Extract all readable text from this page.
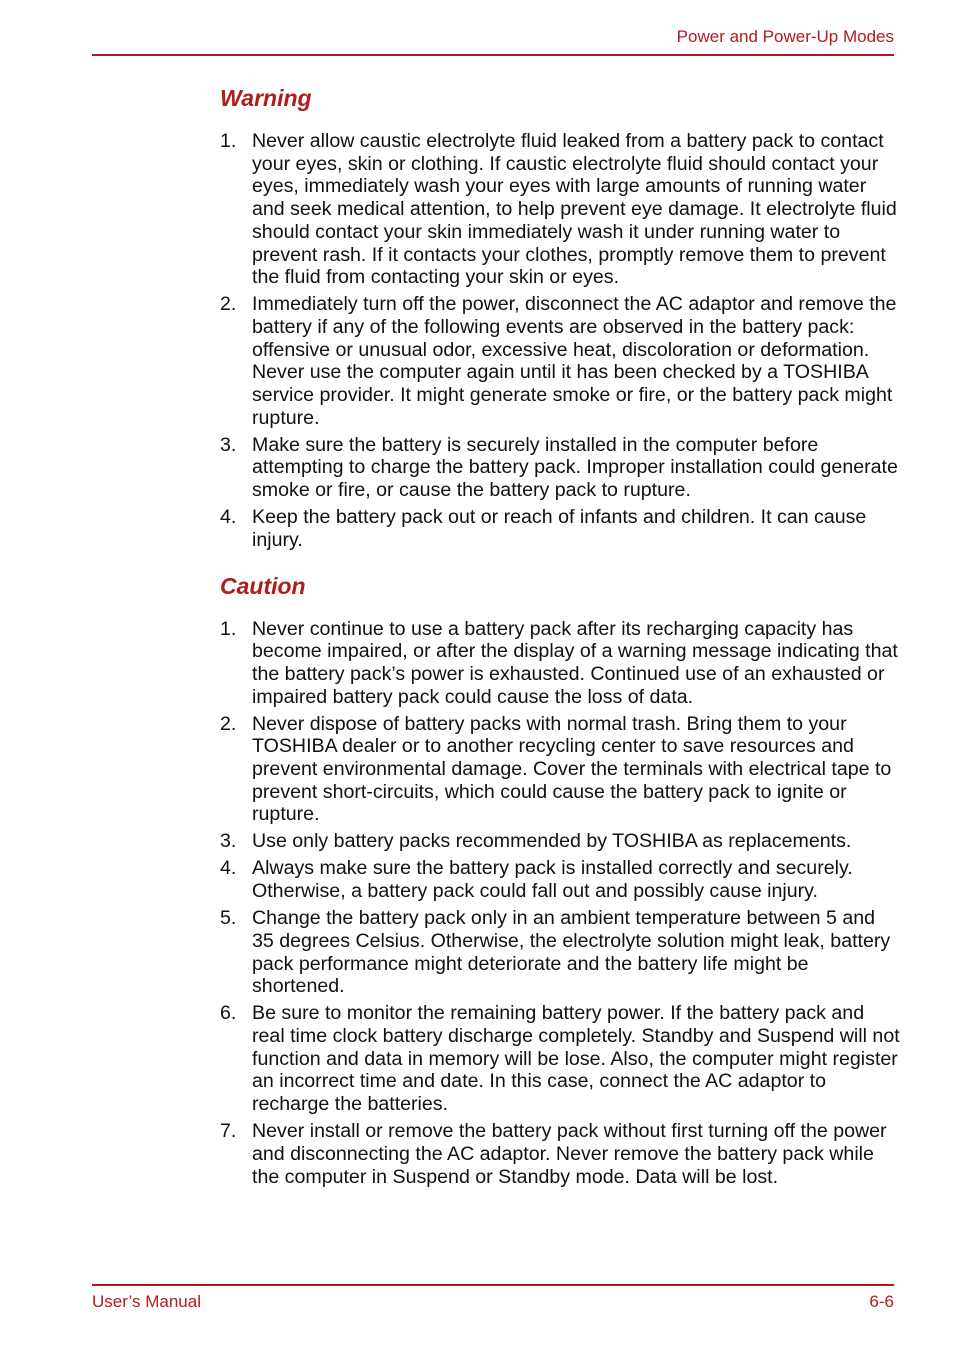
Power and Power-Up Modes
Warning
1. Never allow caustic electrolyte fluid leaked from a battery pack to contact your eyes, skin or clothing. If caustic electrolyte fluid should contact your eyes, immediately wash your eyes with large amounts of running water and seek medical attention, to help prevent eye damage. It electrolyte fluid should contact your skin immediately wash it under running water to prevent rash. If it contacts your clothes, promptly remove them to prevent the fluid from contacting your skin or eyes.
2. Immediately turn off the power, disconnect the AC adaptor and remove the battery if any of the following events are observed in the battery pack: offensive or unusual odor, excessive heat, discoloration or deformation. Never use the computer again until it has been checked by a TOSHIBA service provider. It might generate smoke or fire, or the battery pack might rupture.
3. Make sure the battery is securely installed in the computer before attempting to charge the battery pack. Improper installation could generate smoke or fire, or cause the battery pack to rupture.
4. Keep the battery pack out or reach of infants and children. It can cause injury.
Caution
1. Never continue to use a battery pack after its recharging capacity has become impaired, or after the display of a warning message indicating that the battery pack’s power is exhausted. Continued use of an exhausted or impaired battery pack could cause the loss of data.
2. Never dispose of battery packs with normal trash. Bring them to your TOSHIBA dealer or to another recycling center to save resources and prevent environmental damage. Cover the terminals with electrical tape to prevent short-circuits, which could cause the battery pack to ignite or rupture.
3. Use only battery packs recommended by TOSHIBA as replacements.
4. Always make sure the battery pack is installed correctly and securely. Otherwise, a battery pack could fall out and possibly cause injury.
5. Change the battery pack only in an ambient temperature between 5 and 35 degrees Celsius. Otherwise, the electrolyte solution might leak, battery pack performance might deteriorate and the battery life might be shortened.
6. Be sure to monitor the remaining battery power. If the battery pack and real time clock battery discharge completely. Standby and Suspend will not function and data in memory will be lose. Also, the computer might register an incorrect time and date. In this case, connect the AC adaptor to recharge the batteries.
7. Never install or remove the battery pack without first turning off the power and disconnecting the AC adaptor. Never remove the battery pack while the computer in Suspend or Standby mode. Data will be lost.
User’s Manual	6-6
